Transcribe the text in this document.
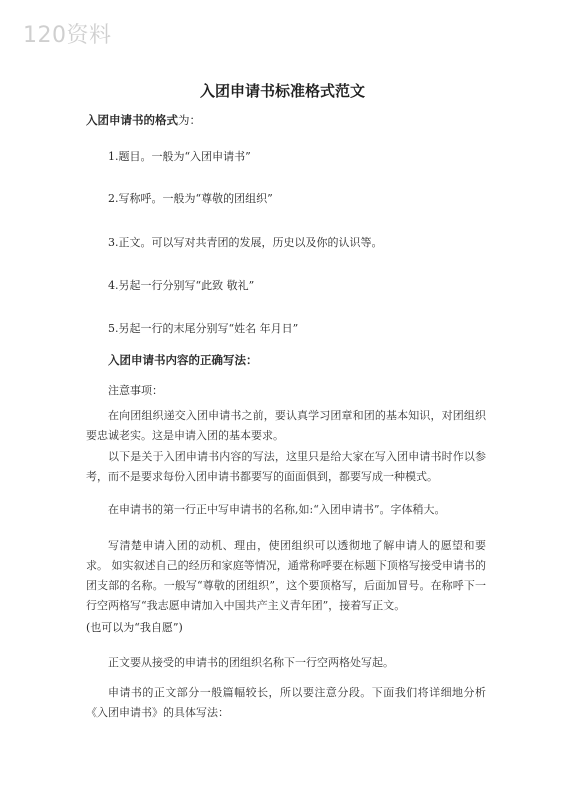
120资料
入团申请书标准格式范文
入团申请书的格式为：
1.题目。一般为“入团申请书”
2.写称呼。一般为“尊敬的团组织”
3.正文。可以写对共青团的发展，历史以及你的认识等。
4.另起一行分别写“此致 敬礼”
5.另起一行的末尾分别写“姓名 年月日”
入团申请书内容的正确写法：
注意事项：
在向团组织递交入团申请书之前，要认真学习团章和团的基本知识，对团组织要忠诚老实。这是申请入团的基本要求。
以下是关于入团申请书内容的写法，这里只是给大家在写入团申请书时作以参考，而不是要求每份入团申请书都要写的面面俱到，都要写成一种模式。
在申请书的第一行正中写申请书的名称,如:“入团申请书”。字体稍大。
写清楚申请入团的动机、理由，使团组织可以透彻地了解申请人的愿望和要求。 如实叙述自己的经历和家庭等情况，通常称呼要在标题下顶格写接受申请书的团支部的名称。一般写“尊敬的团组织”，这个要顶格写，后面加冒号。在称呼下一行空两格写“我志愿申请加入中国共产主义青年团”，接着写正文。
(也可以为“我自愿”)
正文要从接受的申请书的团组织名称下一行空两格处写起。
申请书的正文部分一般篇幅较长，所以要注意分段。下面我们将详细地分析《入团申请书》的具体写法：
